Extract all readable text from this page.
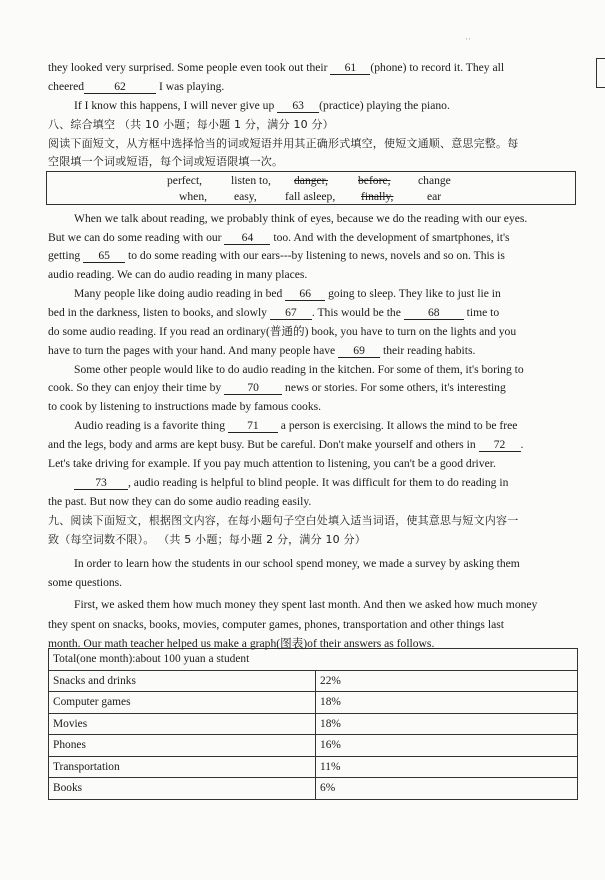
··
they looked very surprised. Some people even took out their 61 (phone) to record it. They all
cheered	62	I was playing.
If I know this happens, I will never give up 63 (practice) playing the piano.
八、综合填空 （共 10 小题；每小题 1 分，满分 10 分）
阅读下面短文，从方框中选择恰当的词或短语并用其正确形式填空，使短文通顺、意思完整。每
空限填一个词或短语，每个词或短语限填一次。
perfect, listen to, danger,	before, change
when, easy, fall asleep, finally,	ear
When we talk about reading, we probably think of eyes, because we do the reading with our eyes.
But we can do some reading with our 64 too. And with the development of smartphones, it's
getting 65 to do some reading with our ears---by listening to news, novels and so on. This is
audio reading. We can do audio reading in many places.
Many people like doing audio reading in bed 66 going to sleep. They like to just lie in
bed in the darkness, listen to books, and slowly 67 . This would be the 68 time to
do some audio reading. If you read an ordinary(普通的) book, you have to turn on the lights and you
have to turn the pages with your hand. And many people have 69 their reading habits.
Some other people would like to do audio reading in the kitchen. For some of them, it's boring to
cook. So they can enjoy their time by 70 news or stories. For some others, it's interesting
to cook by listening to instructions made by famous cooks.
Audio reading is a favorite thing 71 a person is exercising. It allows the mind to be free
and the legs, body and arms are kept busy. But be careful. Don't make yourself and others in 72 .
Let's take driving for example. If you pay much attention to listening, you can't be a good driver.
73 , audio reading is helpful to blind people. It was difficult for them to do reading in
the past. But now they can do some audio reading easily.
九、阅读下面短文，根据图文内容，在每小题句子空白处填入适当词语，使其意思与短文内容一
致（每空词数不限）。 （共 5 小题；每小题 2 分，满分 10 分）
In order to learn how the students in our school spend money, we made a survey by asking them
some questions.
First, we asked them how much money they spent last month. And then we asked how much money
they spent on snacks, books, movies, computer games, phones, transportation and other things last
month. Our math teacher helped us make a graph(图表)of their answers as follows.
Total(one month):about 100 yuan a student	
Snacks and drinks	22%
Computer games	18%
Movies	18%
Phones	16%
Transportation	11%
Books	6%
